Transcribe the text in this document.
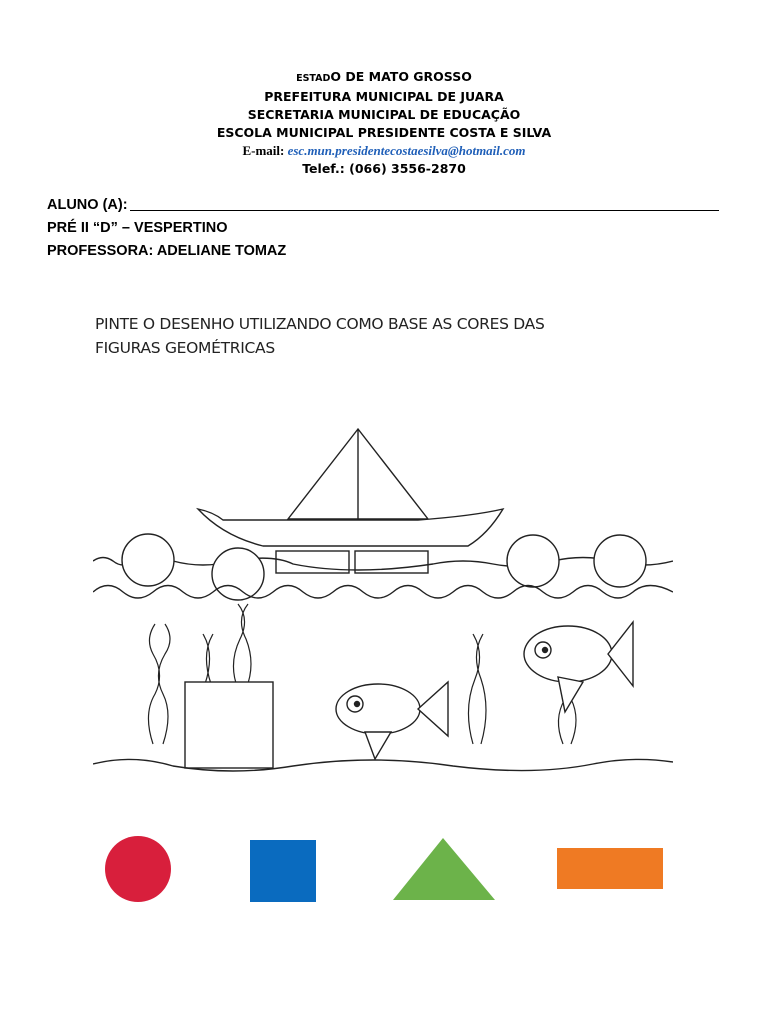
ESTADO DE MATO GROSSO
PREFEITURA MUNICIPAL DE JUARA
SECRETARIA MUNICIPAL DE EDUCAÇÃO
ESCOLA MUNICIPAL PRESIDENTE COSTA E SILVA
E-mail: esc.mun.presidentecostaesilva@hotmail.com
Telef.: (066) 3556-2870
ALUNO (A):
PRÉ II “D” – VESPERTINO
PROFESSORA: ADELIANE TOMAZ
PINTE O DESENHO UTILIZANDO COMO BASE AS CORES DAS
FIGURAS GEOMÉTRICAS
